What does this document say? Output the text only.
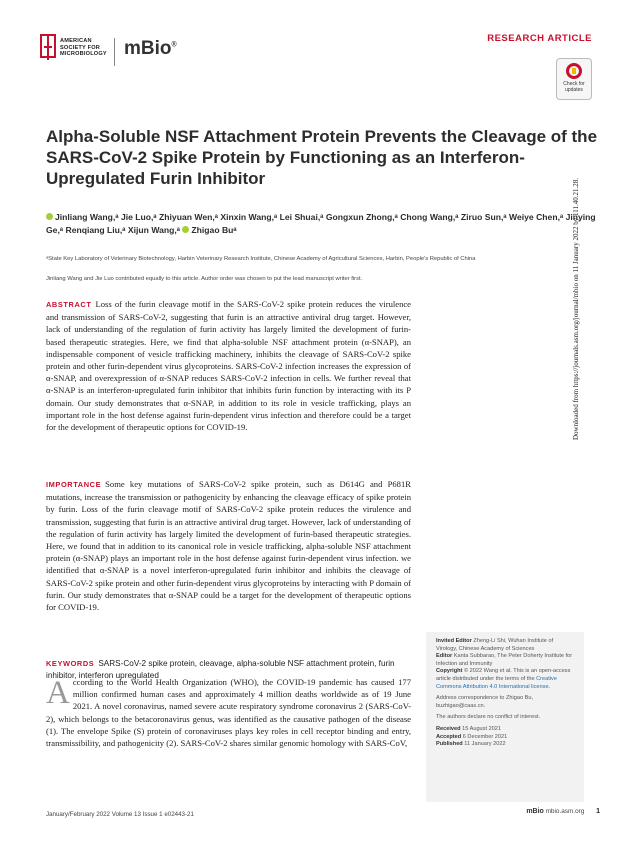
AMERICAN
SOCIETY FOR
MICROBIOLOGY mBio®
RESEARCH ARTICLE
Check for
updates
Alpha-Soluble NSF Attachment Protein Prevents the Cleavage of the SARS-CoV-2 Spike Protein by Functioning as an Interferon-Upregulated Furin Inhibitor
Jinliang Wang,ᵃ Jie Luo,ᵃ Zhiyuan Wen,ᵃ Xinxin Wang,ᵃ Lei Shuai,ᵃ Gongxun Zhong,ᵃ Chong Wang,ᵃ Ziruo Sun,ᵃ Weiye Chen,ᵃ Jinying Ge,ᵃ Renqiang Liu,ᵃ Xijun Wang,ᵃ Zhigao Buᵃ
ᵃState Key Laboratory of Veterinary Biotechnology, Harbin Veterinary Research Institute, Chinese Academy of Agricultural Sciences, Harbin, People's Republic of China
Jinliang Wang and Jie Luo contributed equally to this article. Author order was chosen to put the lead manuscript writer first.
ABSTRACT Loss of the furin cleavage motif in the SARS-CoV-2 spike protein reduces the virulence and transmission of SARS-CoV-2, suggesting that furin is an attractive antiviral drug target. However, lack of understanding of the regulation of furin activity has largely limited the development of furin-based therapeutic strategies. Here, we find that alpha-soluble NSF attachment protein (α-SNAP), an indispensable component of vesicle trafficking machinery, inhibits the cleavage of SARS-CoV-2 spike protein and other furin-dependent virus glycoproteins. SARS-CoV-2 infection increases the expression of α-SNAP, and overexpression of α-SNAP reduces SARS-CoV-2 infection in cells. We further reveal that α-SNAP is an interferon-upregulated furin inhibitor that inhibits furin function by interacting with its P domain. Our study demonstrates that α-SNAP, in addition to its role in vesicle trafficking, plays an important role in the host defense against furin-dependent virus infection and therefore could be a target for the development of therapeutic options for COVID-19.
IMPORTANCE Some key mutations of SARS-CoV-2 spike protein, such as D614G and P681R mutations, increase the transmission or pathogenicity by enhancing the cleavage efficacy of spike protein by furin. Loss of the furin cleavage motif of SARS-CoV-2 spike protein reduces the virulence and transmission, suggesting that furin is an attractive antiviral drug target. However, lack of understanding of the regulation of furin activity has largely limited the development of furin-based therapeutic strategies. Here, we found that in addition to its canonical role in vesicle trafficking, alpha-soluble NSF attachment protein (α-SNAP) plays an important role in the host defense against furin-dependent virus infection. we identified that α-SNAP is a novel interferon-upregulated furin inhibitor and inhibits the cleavage of SARS-CoV-2 spike protein and other furin-dependent virus glycoproteins by interacting with P domain of furin. Our study demonstrates that α-SNAP could be a target for the development of therapeutic options for COVID-19.
KEYWORDS SARS-CoV-2 spike protein, cleavage, alpha-soluble NSF attachment protein, furin inhibitor, interferon upregulated
According to the World Health Organization (WHO), the COVID-19 pandemic has caused 177 million confirmed human cases and approximately 4 million deaths worldwide as of 19 June 2021. A novel coronavirus, named severe acute respiratory syndrome coronavirus 2 (SARS-CoV-2), which belongs to the betacoronavirus genus, was identified as the causative pathogen of the disease (1). The envelope Spike (S) protein of coronaviruses plays key roles in cell receptor binding and entry, transmissibility, and pathogenicity (2). SARS-CoV-2 shares similar genomic homology with SARS-CoV,
Invited Editor Zheng-Li Shi, Wuhan Institute of Virology, Chinese Academy of Sciences
Editor Kanta Subbarao, The Peter Doherty Institute for Infection and Immunity
Copyright © 2022 Wang et al. This is an open-access article distributed under the terms of the Creative Commons Attribution 4.0 International license.
Address correspondence to Zhigao Bu, buzhigao@caas.cn.
The authors declare no conflict of interest.
Received 15 August 2021
Accepted 6 December 2021
Published 11 January 2022
January/February 2022 Volume 13 Issue 1 e02443-21	mBio mbio.asm.org 1
Downloaded from https://journals.asm.org/journal/mbio on 11 January 2022 by 111.40.21.28.
